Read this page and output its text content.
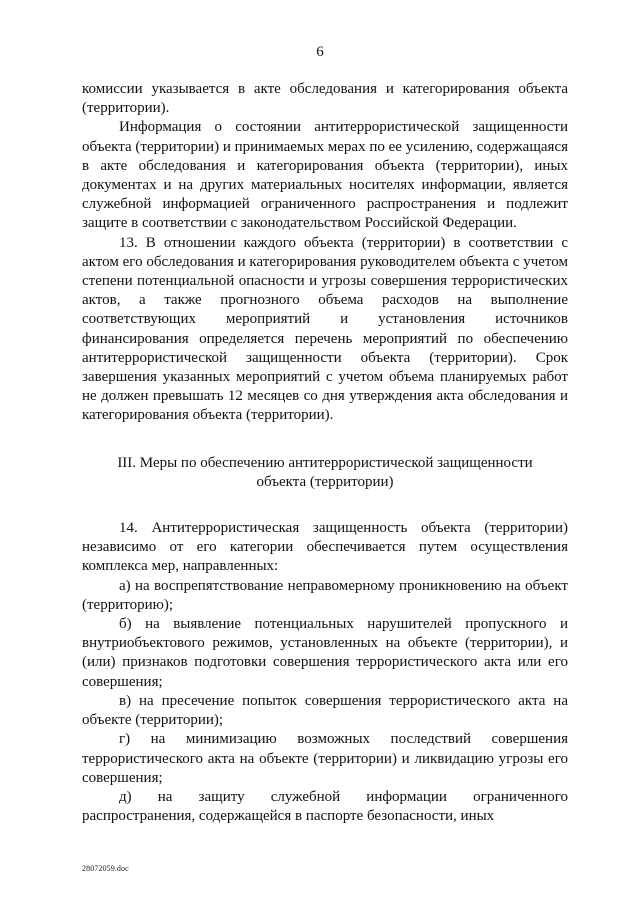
6

комиссии указывается в акте обследования и категорирования объекта (территории).

Информация о состоянии антитеррористической защищенности объекта (территории) и принимаемых мерах по ее усилению, содержащаяся в акте обследования и категорирования объекта (территории), иных документах и на других материальных носителях информации, является служебной информацией ограниченного распространения и подлежит защите в соответствии с законодательством Российской Федерации.

13. В отношении каждого объекта (территории) в соответствии с актом его обследования и категорирования руководителем объекта с учетом степени потенциальной опасности и угрозы совершения террористических актов, а также прогнозного объема расходов на выполнение соответствующих мероприятий и установления источников финансирования определяется перечень мероприятий по обеспечению антитеррористической защищенности объекта (территории). Срок завершения указанных мероприятий с учетом объема планируемых работ не должен превышать 12 месяцев со дня утверждения акта обследования и категорирования объекта (территории).

III. Меры по обеспечению антитеррористической защищенности
объекта (территории)

14. Антитеррористическая защищенность объекта (территории) независимо от его категории обеспечивается путем осуществления комплекса мер, направленных:

а) на воспрепятствование неправомерному проникновению на объект (территорию);

б) на выявление потенциальных нарушителей пропускного и внутриобъектового режимов, установленных на объекте (территории), и (или) признаков подготовки совершения террористического акта или его совершения;

в) на пресечение попыток совершения террористического акта на объекте (территории);

г) на минимизацию возможных последствий совершения террористического акта на объекте (территории) и ликвидацию угрозы его совершения;

д) на защиту служебной информации ограниченного распространения, содержащейся в паспорте безопасности, иных

28072059.doc
